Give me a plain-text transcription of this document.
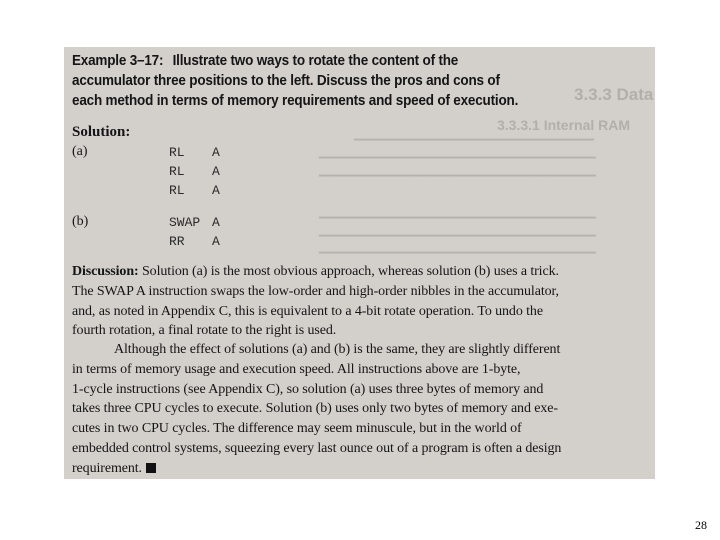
3.3.3 Data
3.3.3.1 Internal RAM
▔▔▔▔▔▔▔▔▔▔▔▔▔▔▔▔▔▔▔▔▔▔▔▔▔▔
▔▔▔▔▔▔▔▔▔▔▔▔▔▔▔▔▔▔▔▔▔▔▔▔▔▔▔▔▔▔
▔▔▔▔▔▔▔▔▔▔▔▔▔▔▔▔▔▔▔▔▔▔▔▔▔▔▔▔▔▔
▔▔▔▔▔▔▔▔▔▔▔▔▔▔▔▔▔▔▔▔▔▔▔▔▔▔▔▔▔▔
▔▔▔▔▔▔▔▔▔▔▔▔▔▔▔▔▔▔▔▔▔▔▔▔▔▔▔▔▔▔
▔▔▔▔▔▔▔▔▔▔▔▔▔▔▔▔▔▔▔▔▔▔▔▔▔▔▔▔▔▔
Example 3–17: Illustrate two ways to rotate the content of the
accumulator three positions to the left. Discuss the pros and cons of
each method in terms of memory requirements and speed of execution.
Solution:
(a)	RL A
RL A
RL A
(b)	SWAP A
RR A
Discussion: Solution (a) is the most obvious approach, whereas solution (b) uses a trick.
The SWAP A instruction swaps the low-order and high-order nibbles in the accumulator,
and, as noted in Appendix C, this is equivalent to a 4-bit rotate operation. To undo the
fourth rotation, a final rotate to the right is used.
Although the effect of solutions (a) and (b) is the same, they are slightly different
in terms of memory usage and execution speed. All instructions above are 1-byte,
1-cycle instructions (see Appendix C), so solution (a) uses three bytes of memory and
takes three CPU cycles to execute. Solution (b) uses only two bytes of memory and exe-
cutes in two CPU cycles. The difference may seem minuscule, but in the world of
embedded control systems, squeezing every last ounce out of a program is often a design
requirement.
28
